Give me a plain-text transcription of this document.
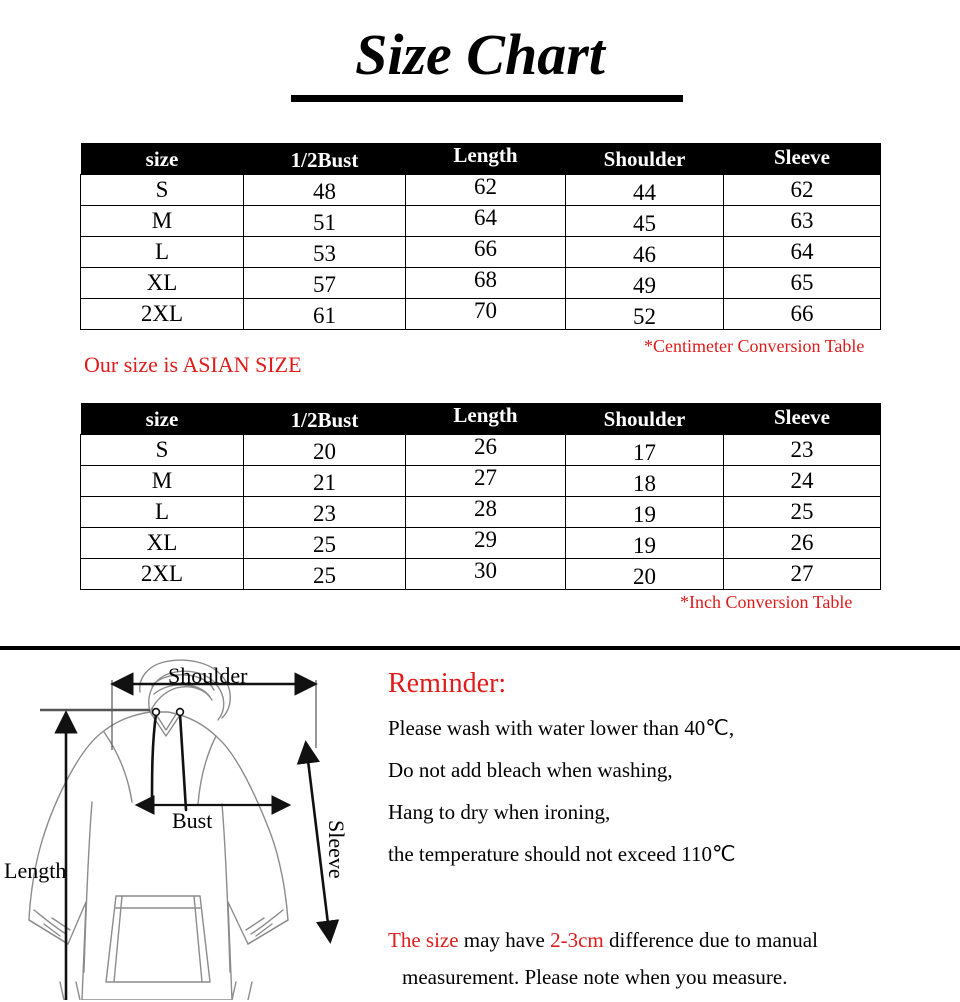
Size Chart
size	1/2Bust	Length	Shoulder	Sleeve
S	48	62	44	62
M	51	64	45	63
L	53	66	46	64
XL	57	68	49	65
2XL	61	70	52	66
*Centimeter Conversion Table
Our size is ASIAN SIZE
size	1/2Bust	Length	Shoulder	Sleeve
S	20	26	17	23
M	21	27	18	24
L	23	28	19	25
XL	25	29	19	26
2XL	25	30	20	27
*Inch Conversion Table
Shoulder
Bust
Length	Sleeve
Reminder:
Please wash with water lower than 40℃,
Do not add bleach when washing,
Hang to dry when ironing,
the temperature should not exceed 110℃
The size may have 2-3cm difference due to manual
measurement. Please note when you measure.
